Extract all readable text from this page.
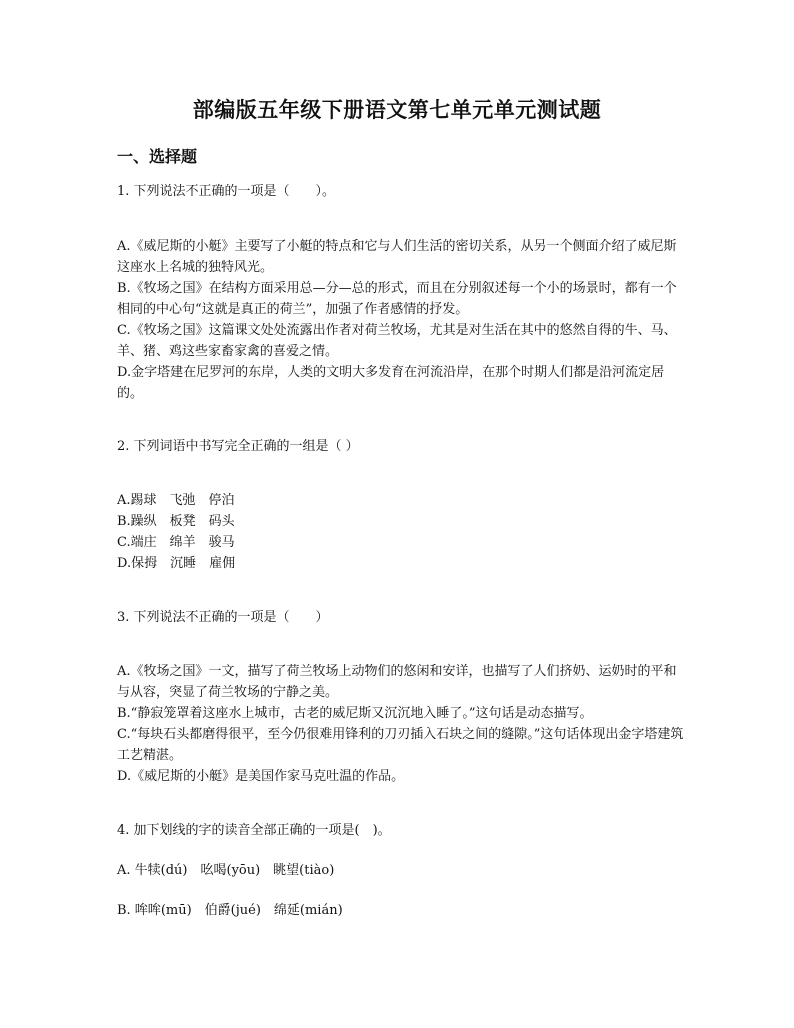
部编版五年级下册语文第七单元单元测试题
一、选择题
1. 下列说法不正确的一项是（　　）。
A.《威尼斯的小艇》主要写了小艇的特点和它与人们生活的密切关系，从另一个侧面介绍了威尼斯这座水上名城的独特风光。
B.《牧场之国》在结构方面采用总—分—总的形式，而且在分别叙述每一个小的场景时，都有一个相同的中心句“这就是真正的荷兰”，加强了作者感情的抒发。
C.《牧场之国》这篇课文处处流露出作者对荷兰牧场，尤其是对生活在其中的悠然自得的牛、马、羊、猪、鸡这些家畜家禽的喜爱之情。
D.金字塔建在尼罗河的东岸，人类的文明大多发育在河流沿岸，在那个时期人们都是沿河流定居的。
2. 下列词语中书写完全正确的一组是（ ）
A.踢球　飞弛　停泊
B.躁纵　板凳　码头
C.端庄　绵羊　骏马
D.保拇　沉睡　雇佣
3. 下列说法不正确的一项是（　　）
A.《牧场之国》一文，描写了荷兰牧场上动物们的悠闲和安详，也描写了人们挤奶、运奶时的平和与从容，突显了荷兰牧场的宁静之美。
B.“静寂笼罩着这座水上城市，古老的威尼斯又沉沉地入睡了。”这句话是动态描写。
C.“每块石头都磨得很平，至今仍很难用锋利的刀刃插入石块之间的缝隙。”这句话体现出金字塔建筑工艺精湛。
D.《威尼斯的小艇》是美国作家马克吐温的作品。
4. 加下划线的字的读音全部正确的一项是(　)。
A. 牛犊(dú)　吆喝(yōu)　眺望(tiào)
B. 哞哞(mū)　伯爵(jué)　绵延(mián)
